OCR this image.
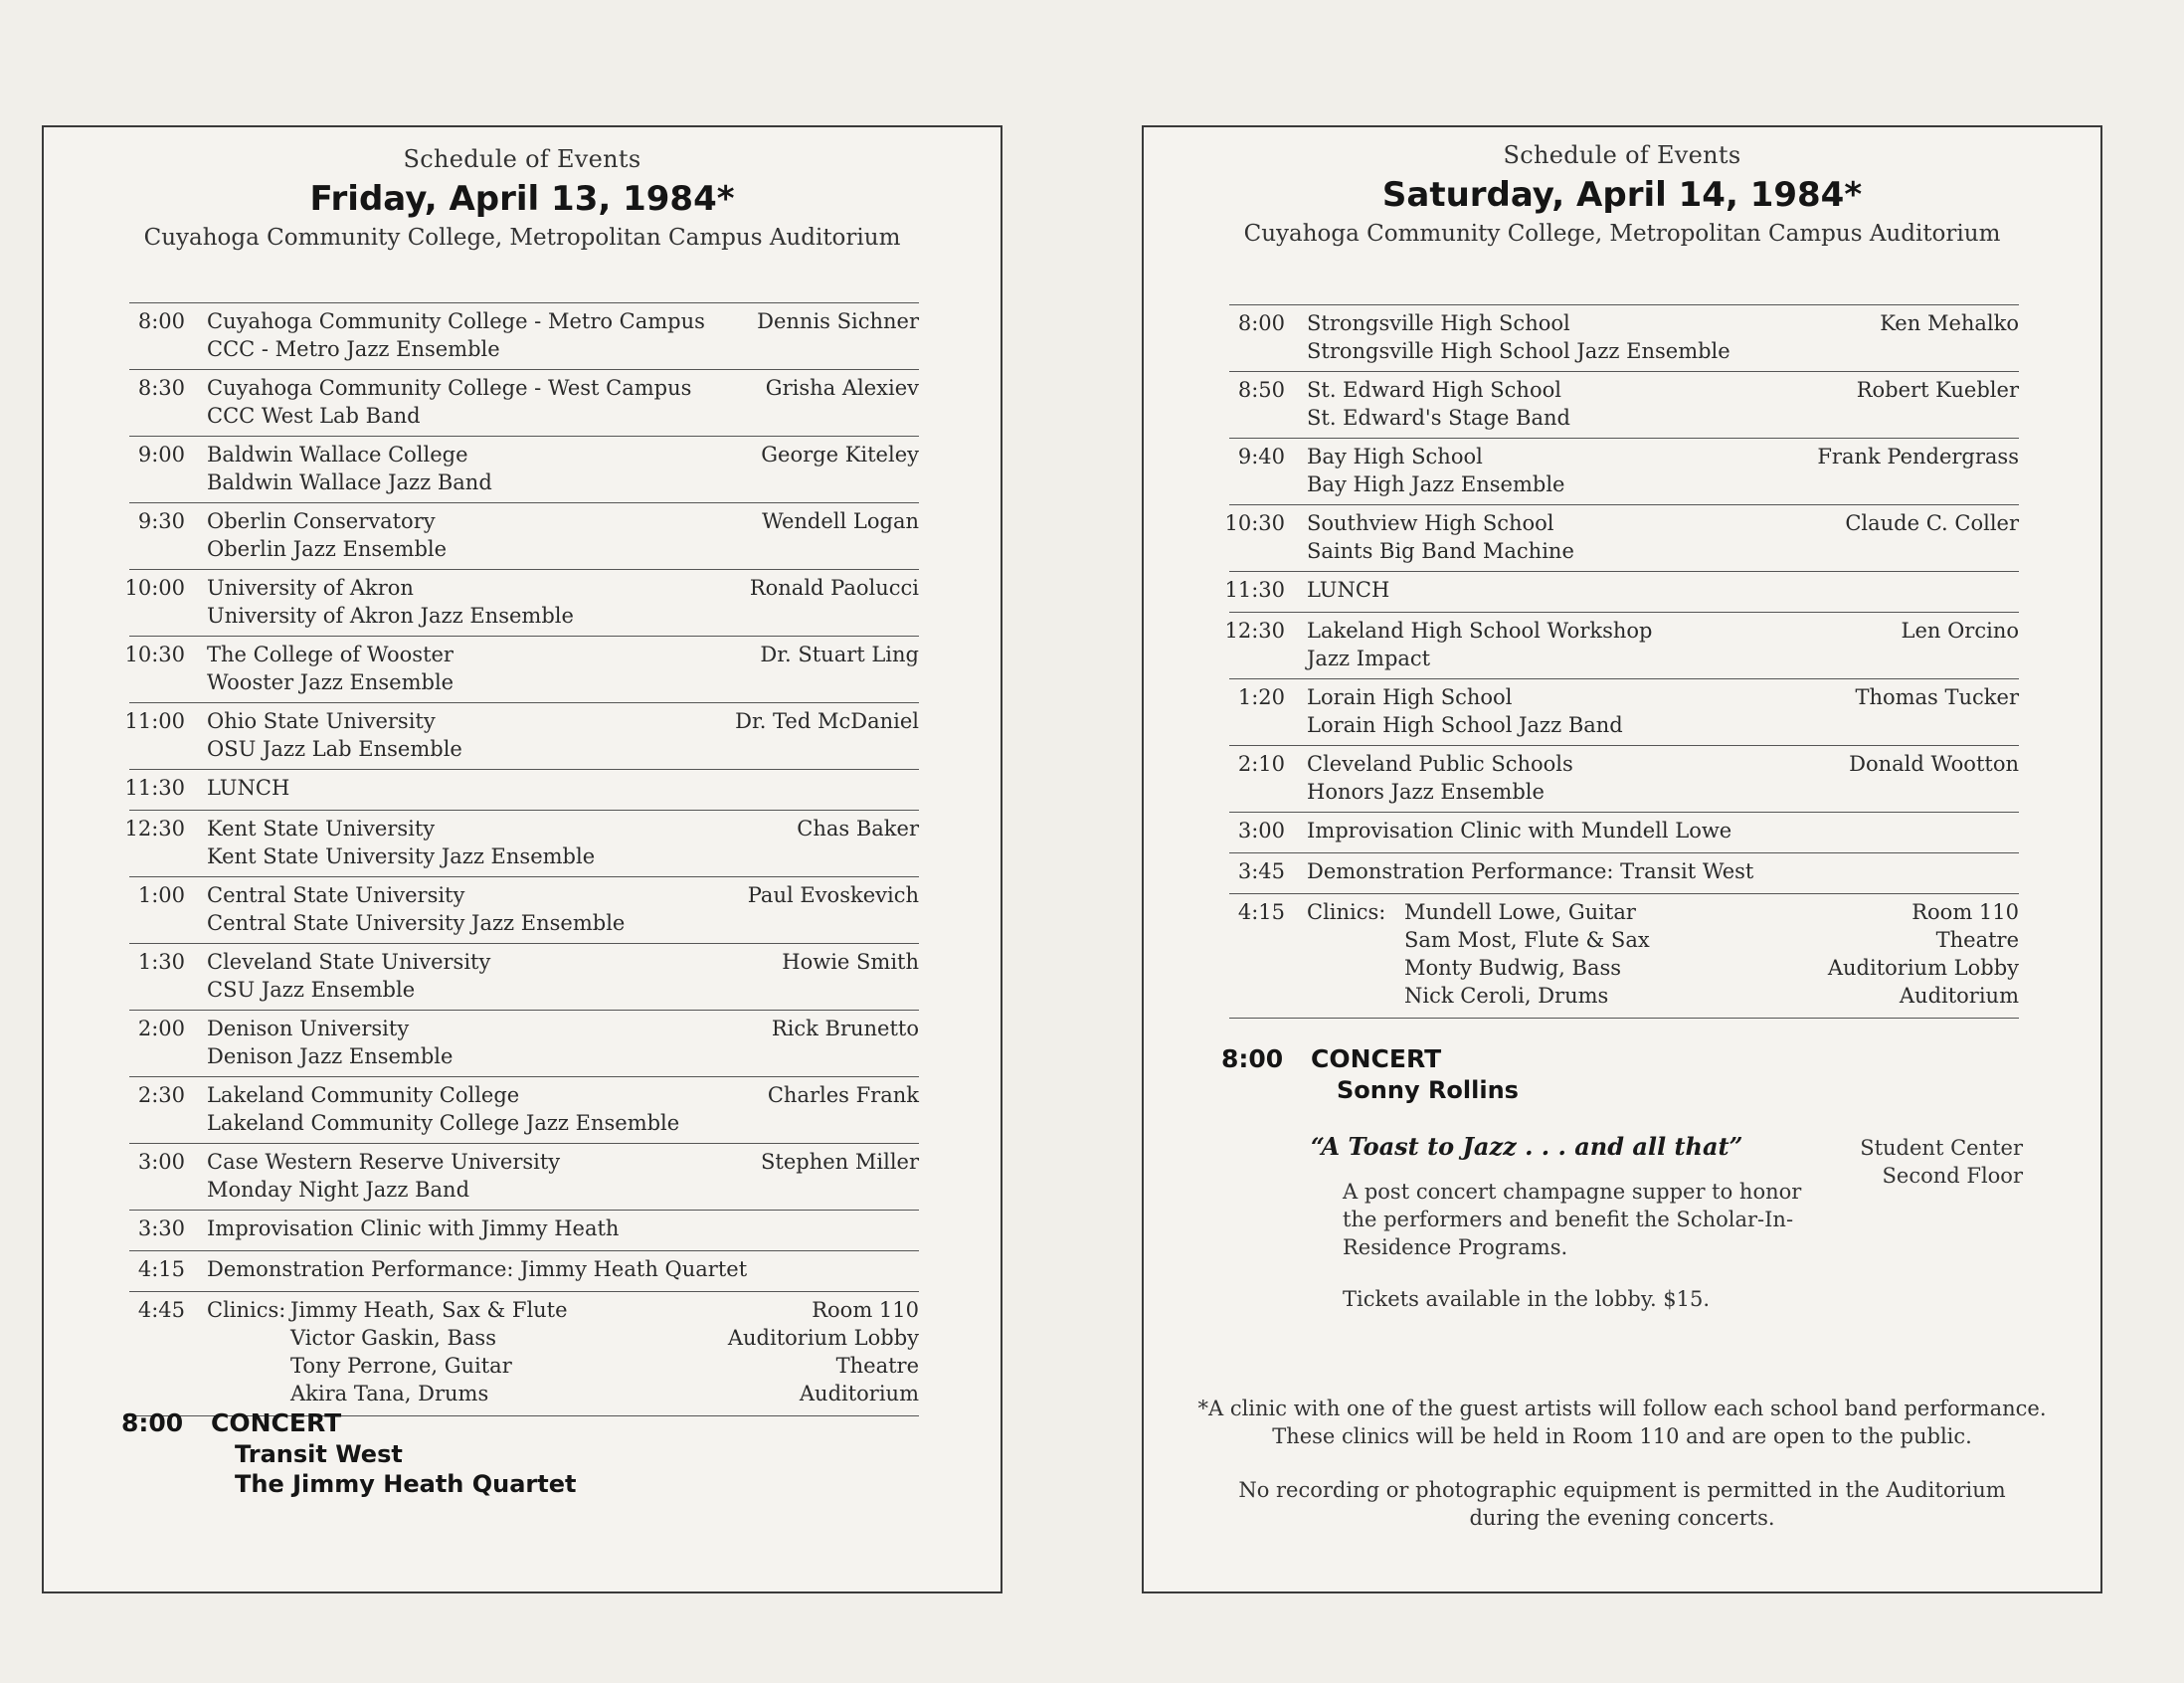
Schedule of Events
Friday, April 13, 1984*
Cuyahoga Community College, Metropolitan Campus Auditorium
8:00 Cuyahoga Community College - Metro Campus
CCC - Metro Jazz Ensemble
Dennis Sichner
8:30 Cuyahoga Community College - West Campus
CCC West Lab Band
Grisha Alexiev
9:00 Baldwin Wallace College
Baldwin Wallace Jazz Band
George Kiteley
9:30 Oberlin Conservatory
Oberlin Jazz Ensemble
Wendell Logan
10:00 University of Akron
University of Akron Jazz Ensemble
Ronald Paolucci
10:30 The College of Wooster
Wooster Jazz Ensemble
Dr. Stuart Ling
11:00 Ohio State University
OSU Jazz Lab Ensemble
Dr. Ted McDaniel
11:30 LUNCH
12:30 Kent State University
Kent State University Jazz Ensemble
Chas Baker
1:00 Central State University
Central State University Jazz Ensemble
Paul Evoskevich
1:30 Cleveland State University
CSU Jazz Ensemble
Howie Smith
2:00 Denison University
Denison Jazz Ensemble
Rick Brunetto
2:30 Lakeland Community College
Lakeland Community College Jazz Ensemble
Charles Frank
3:00 Case Western Reserve University
Monday Night Jazz Band
Stephen Miller
3:30 Improvisation Clinic with Jimmy Heath
4:15 Demonstration Performance: Jimmy Heath Quartet
4:45 Clinics: Jimmy Heath, Sax & Flute
Victor Gaskin, Bass
Tony Perrone, Guitar
Akira Tana, Drums
Room 110
Auditorium Lobby
Theatre
Auditorium
8:00 CONCERT
Transit West
The Jimmy Heath Quartet
Schedule of Events
Saturday, April 14, 1984*
Cuyahoga Community College, Metropolitan Campus Auditorium
8:00 Strongsville High School
Strongsville High School Jazz Ensemble
Ken Mehalko
8:50 St. Edward High School
St. Edward's Stage Band
Robert Kuebler
9:40 Bay High School
Bay High Jazz Ensemble
Frank Pendergrass
10:30 Southview High School
Saints Big Band Machine
Claude C. Coller
11:30 LUNCH
12:30 Lakeland High School Workshop
Jazz Impact
Len Orcino
1:20 Lorain High School
Lorain High School Jazz Band
Thomas Tucker
2:10 Cleveland Public Schools
Honors Jazz Ensemble
Donald Wootton
3:00 Improvisation Clinic with Mundell Lowe
3:45 Demonstration Performance: Transit West
4:15 Clinics: Mundell Lowe, Guitar
Sam Most, Flute & Sax
Monty Budwig, Bass
Nick Ceroli, Drums
Room 110
Theatre
Auditorium Lobby
Auditorium
8:00 CONCERT
Sonny Rollins
“A Toast to Jazz . . . and all that”
A post concert champagne supper to honor
the performers and benefit the Scholar-In-
Residence Programs.
Student Center
Second Floor
Tickets available in the lobby. $15.
*A clinic with one of the guest artists will follow each school band performance.
These clinics will be held in Room 110 and are open to the public.
No recording or photographic equipment is permitted in the Auditorium
during the evening concerts.
